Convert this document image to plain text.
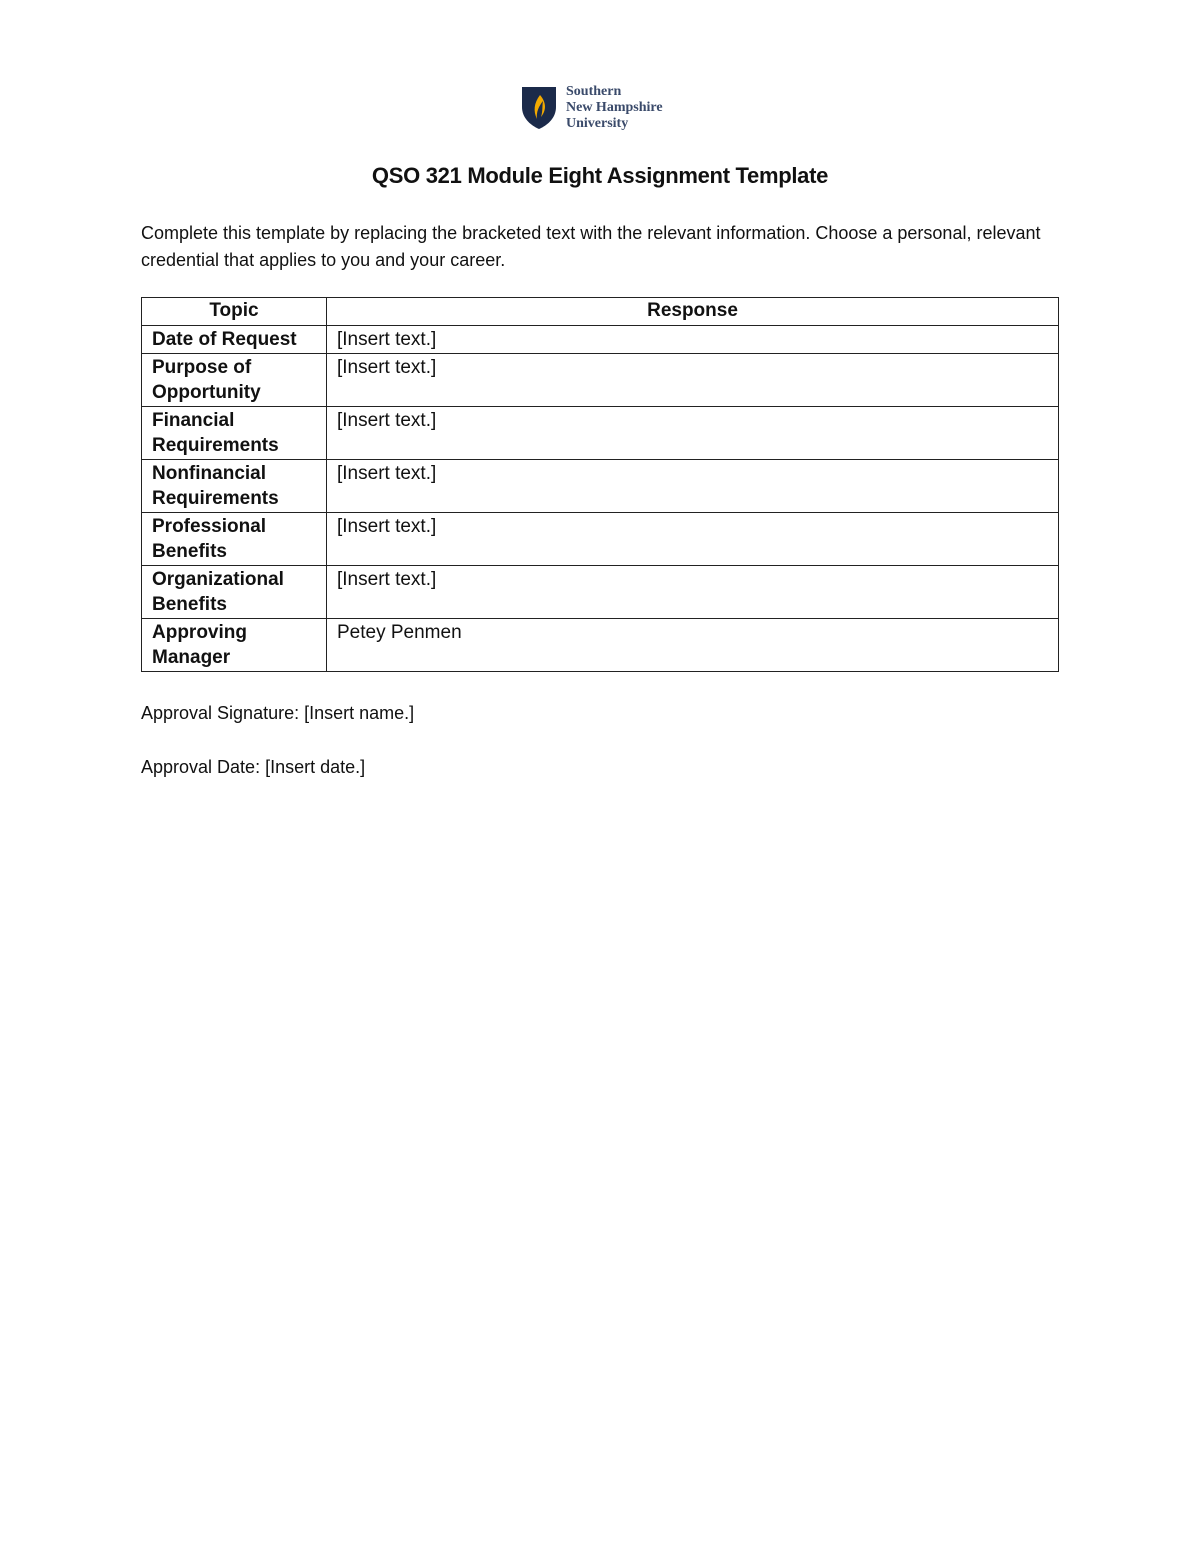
Southern
New Hampshire
University
QSO 321 Module Eight Assignment Template
Complete this template by replacing the bracketed text with the relevant information. Choose a personal, relevant credential that applies to you and your career.
Topic	Response
Date of Request	[Insert text.]
Purpose of Opportunity	[Insert text.]
Financial Requirements	[Insert text.]
Nonfinancial Requirements	[Insert text.]
Professional Benefits	[Insert text.]
Organizational Benefits	[Insert text.]
Approving Manager	Petey Penmen
Approval Signature: [Insert name.]
Approval Date: [Insert date.]
